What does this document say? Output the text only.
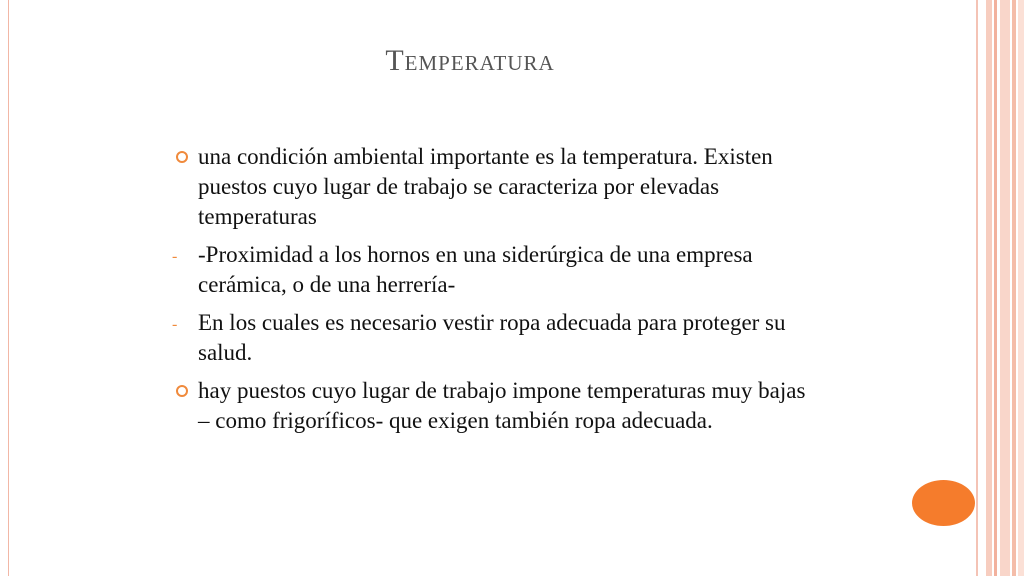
Temperatura
una condición ambiental importante es la temperatura. Existen puestos cuyo lugar de trabajo se caracteriza por elevadas temperaturas
- -Proximidad a los hornos en una siderúrgica de una empresa cerámica, o de una herrería-
- En los cuales es necesario vestir ropa adecuada para proteger su salud.
hay puestos cuyo lugar de trabajo impone temperaturas muy bajas – como frigoríficos- que exigen también ropa adecuada.
